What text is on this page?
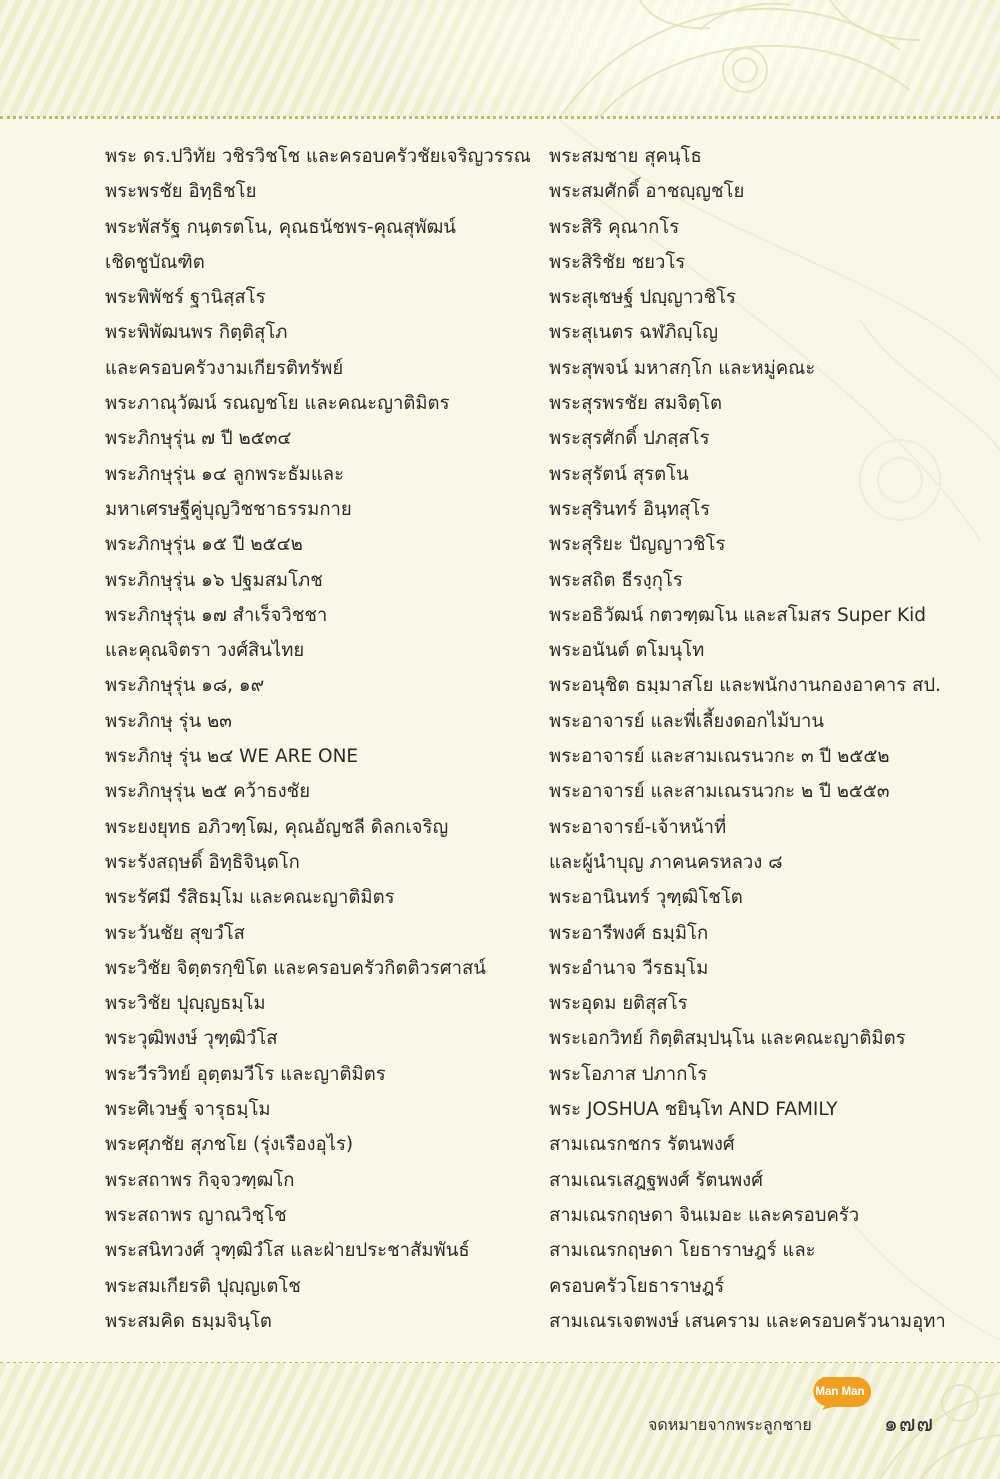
พระ ดร.ปวิทัย วชิรวิชโช และครอบครัวชัยเจริญวรรณ
พระพรชัย อิทฺธิชโย
พระพัสรัฐ กนฺตรตโน, คุณธนัชพร-คุณสุพัฒน์
เชิดชูบัณฑิต
พระพิพัชร์ ฐานิสฺสโร
พระพิพัฒนพร กิตฺติสุโภ
และครอบครัวงามเกียรติทรัพย์
พระภาณุวัฒน์ รณญชโย และคณะญาติมิตร
พระภิกษุรุ่น ๗ ปี ๒๕๓๔
พระภิกษุรุ่น ๑๔ ลูกพระธัมและ
มหาเศรษฐีคู่บุญวิชชาธรรมกาย
พระภิกษุรุ่น ๑๕ ปี ๒๕๔๒
พระภิกษุรุ่น ๑๖ ปฐมสมโภช
พระภิกษุรุ่น ๑๗ สำเร็จวิชชา
และคุณจิตรา วงศ์สินไทย
พระภิกษุรุ่น ๑๘, ๑๙
พระภิกษุ รุ่น ๒๓
พระภิกษุ รุ่น ๒๔ WE ARE ONE
พระภิกษุรุ่น ๒๕ คว้าธงชัย
พระยงยุทธ อภิวฑฺโฒ, คุณอัญชลี ดิลกเจริญ
พระรังสฤษดิ์ อิทฺธิจินฺตโก
พระรัศมี รํสิธมฺโม และคณะญาติมิตร
พระวันชัย สุขวํโส
พระวิชัย จิตฺตรกฺขิโต และครอบครัวกิตติวรศาสน์
พระวิชัย ปุญฺญธมฺโม
พระวุฒิพงษ์ วุฑฺฒิวํโส
พระวีรวิทย์ อุตฺตมวีโร และญาติมิตร
พระศิเวษฐ์ จารุธมฺโม
พระศุภชัย สุภชโย (รุ่งเรืองอุไร)
พระสถาพร กิจฺจวฑฺฒโก
พระสถาพร ญาณวิชฺโช
พระสนิทวงศ์ วุฑฺฒิวํโส และฝ่ายประชาสัมพันธ์
พระสมเกียรติ ปุญฺญเตโช
พระสมคิด ธมฺมจินฺโต
พระสมชาย สุคนฺโธ
พระสมศักดิ์ อาชญฺญชโย
พระสิริ คุณากโร
พระสิริชัย ชยวโร
พระสุเชษฐ์ ปญฺญาวชิโร
พระสุเนตร ฉฬภิญฺโญ
พระสุพจน์ มหาสกฺโก และหมู่คณะ
พระสุรพรชัย สมจิตฺโต
พระสุรศักดิ์ ปภสฺสโร
พระสุรัตน์ สุรตโน
พระสุรินทร์ อินฺทสุโร
พระสุริยะ ปัญญาวชิโร
พระสถิต ธีรงฺกุโร
พระอธิวัฒน์ กตวฑฺฒโน และสโมสร Super Kid
พระอนันต์ ตโมนุโท
พระอนุชิต ธมฺมาสโย และพนักงานกองอาคาร สป.
พระอาจารย์ และพี่เลี้ยงดอกไม้บาน
พระอาจารย์ และสามเณรนวกะ ๓ ปี ๒๕๕๒
พระอาจารย์ และสามเณรนวกะ ๒ ปี ๒๕๕๓
พระอาจารย์-เจ้าหน้าที่
และผู้นำบุญ ภาคนครหลวง ๘
พระอานินทร์ วุฑฺฒิโชโต
พระอารีพงศ์ ธมฺมิโก
พระอำนาจ วีรธมฺโม
พระอุดม ยติสุสโร
พระเอกวิทย์ กิตฺติสมฺปนฺโน และคณะญาติมิตร
พระโอภาส ปภากโร
พระ JOSHUA ชยินฺโท AND FAMILY
สามเณรกชกร รัตนพงศ์
สามเณรเสฎฐพงศ์ รัตนพงศ์
สามเณรกฤษดา จินเมอะ และครอบครัว
สามเณรกฤษดา โยธาราษฎร์ และ
ครอบครัวโยธาราษฎร์
สามเณรเจตพงษ์ เสนคราม และครอบครัวนามอุทา
Man Man
จดหมายจากพระลูกชาย	๑๗๗
